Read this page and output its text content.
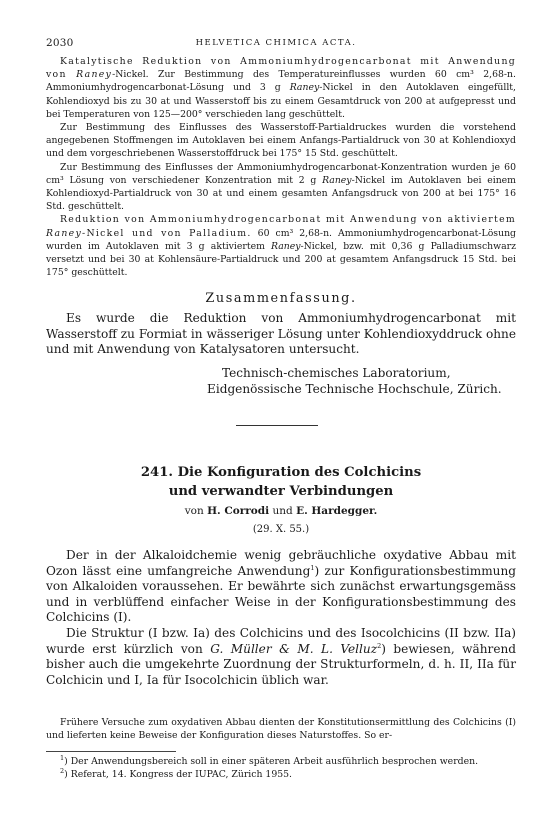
2030	HELVETICA CHIMICA ACTA.

Katalytische Reduktion von Ammoniumhydrogencarbonat mit Anwendung von Raney-Nickel. Zur Bestimmung des Temperatureinflusses wurden 60 cm³ 2,68-n. Ammoniumhydrogencarbonat-Lösung und 3 g Raney-Nickel in den Autoklaven eingefüllt, Kohlendioxyd bis zu 30 at und Wasserstoff bis zu einem Gesamtdruck von 200 at aufgepresst und bei Temperaturen von 125—200° verschieden lang geschüttelt.

Zur Bestimmung des Einflusses des Wasserstoff-Partialdruckes wurden die vorstehend angegebenen Stoffmengen im Autoklaven bei einem Anfangs-Partialdruck von 30 at Kohlendioxyd und dem vorgeschriebenen Wasserstoffdruck bei 175° 15 Std. geschüttelt.

Zur Bestimmung des Einflusses der Ammoniumhydrogencarbonat-Konzentration wurden je 60 cm³ Lösung von verschiedener Konzentration mit 2 g Raney-Nickel im Autoklaven bei einem Kohlendioxyd-Partialdruck von 30 at und einem gesamten Anfangsdruck von 200 at bei 175° 16 Std. geschüttelt.

Reduktion von Ammoniumhydrogencarbonat mit Anwendung von aktiviertem Raney-Nickel und von Palladium. 60 cm³ 2,68-n. Ammoniumhydrogencarbonat-Lösung wurden im Autoklaven mit 3 g aktiviertem Raney-Nickel, bzw. mit 0,36 g Palladiumschwarz versetzt und bei 30 at Kohlensäure-Partialdruck und 200 at gesamtem Anfangsdruck 15 Std. bei 175° geschüttelt.

Zusammenfassung.

Es wurde die Reduktion von Ammoniumhydrogencarbonat mit Wasserstoff zu Formiat in wässeriger Lösung unter Kohlendioxyddruck ohne und mit Anwendung von Katalysatoren untersucht.

Technisch-chemisches Laboratorium,
Eidgenössische Technische Hochschule, Zürich.
241. Die Konfiguration des Colchicins
und verwandter Verbindungen
von H. Corrodi und E. Hardegger.
(29. X. 55.)

Der in der Alkaloidchemie wenig gebräuchliche oxydative Abbau mit Ozon lässt eine umfangreiche Anwendung$^1$) zur Konfigurationsbestimmung von Alkaloiden voraussehen. Er bewährte sich zunächst erwartungsgemäss und in verblüffend einfacher Weise in der Konfigurationsbestimmung des Colchicins (I).

Die Struktur (I bzw. Ia) des Colchicins und des Isocolchicins (II bzw. IIa) wurde erst kürzlich von G. Müller & M. L. Velluz$^2$) bewiesen, während bisher auch die umgekehrte Zuordnung der Strukturformeln, d. h. II, IIa für Colchicin und I, Ia für Isocolchicin üblich war.

Frühere Versuche zum oxydativen Abbau dienten der Konstitutionsermittlung des Colchicins (I) und lieferten keine Beweise der Konfiguration dieses Naturstoffes. So er-

$^1$) Der Anwendungsbereich soll in einer späteren Arbeit ausführlich besprochen werden.

$^2$) Referat, 14. Kongress der IUPAC, Zürich 1955.
